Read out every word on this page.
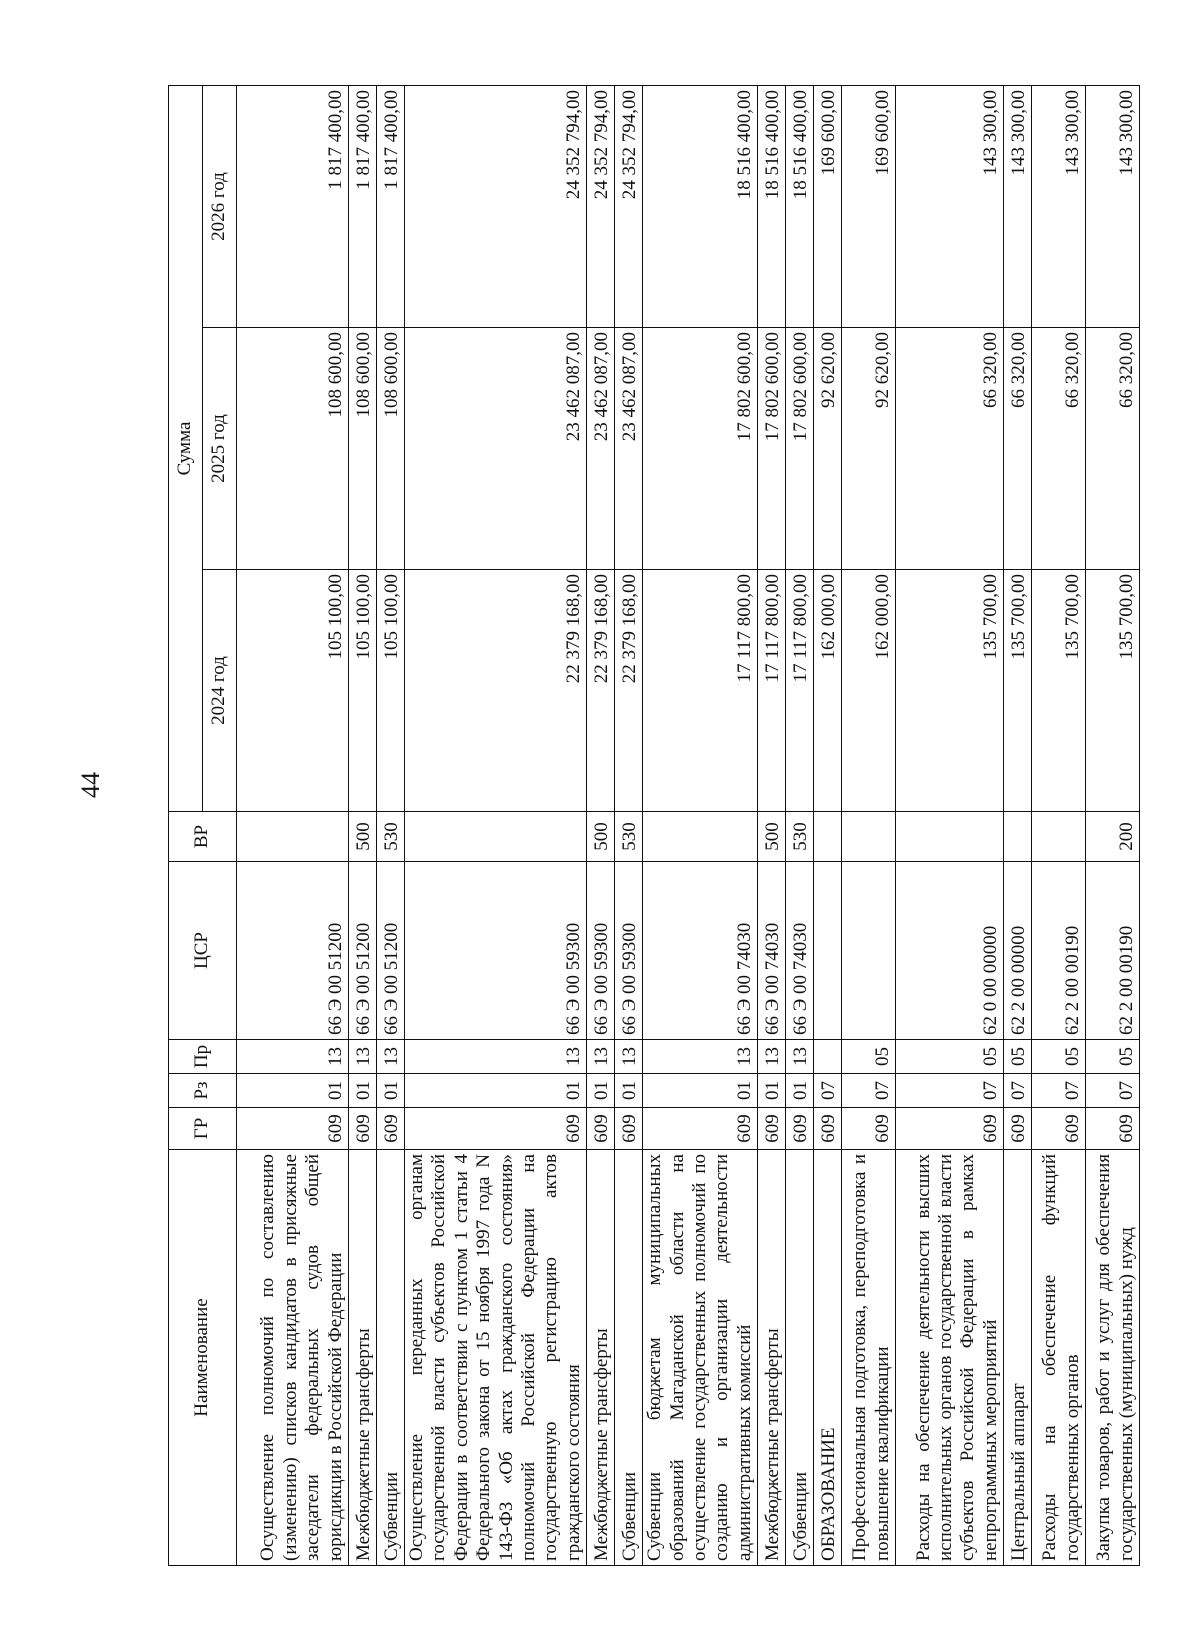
44
Наименование	ГР	Рз	Пр	ЦСР	ВР	Сумма		
						2024 год	2025 год	2026 год
Осуществление полномочий по составлению (изменению) списков кандидатов в присяжные заседатели федеральных судов общей юрисдикции в Российской Федерации	609	01	13	66 Э 00 51200		105 100,00	108 600,00	1 817 400,00
Межбюджетные трансферты	609	01	13	66 Э 00 51200	500	105 100,00	108 600,00	1 817 400,00
Субвенции	609	01	13	66 Э 00 51200	530	105 100,00	108 600,00	1 817 400,00
Осуществление переданных органам государственной власти субъектов Российской Федерации в соответствии с пунктом 1 статьи 4 Федерального закона от 15 ноября 1997 года N 143-ФЗ «Об актах гражданского состояния» полномочий Российской Федерации на государственную регистрацию актов гражданского состояния	609	01	13	66 Э 00 59300		22 379 168,00	23 462 087,00	24 352 794,00
Межбюджетные трансферты	609	01	13	66 Э 00 59300	500	22 379 168,00	23 462 087,00	24 352 794,00
Субвенции	609	01	13	66 Э 00 59300	530	22 379 168,00	23 462 087,00	24 352 794,00
Субвенции бюджетам муниципальных образований Магаданской области на осуществление государственных полномочий по созданию и организации деятельности административных комиссий	609	01	13	66 Э 00 74030		17 117 800,00	17 802 600,00	18 516 400,00
Межбюджетные трансферты	609	01	13	66 Э 00 74030	500	17 117 800,00	17 802 600,00	18 516 400,00
Субвенции	609	01	13	66 Э 00 74030	530	17 117 800,00	17 802 600,00	18 516 400,00
ОБРАЗОВАНИЕ	609	07				162 000,00	92 620,00	169 600,00
Профессиональная подготовка, переподготовка и повышение квалификации	609	07	05			162 000,00	92 620,00	169 600,00
Расходы на обеспечение деятельности высших исполнительных органов государственной власти субъектов Российской Федерации в рамках непрограммных мероприятий	609	07	05	62 0 00 00000		135 700,00	66 320,00	143 300,00
Центральный аппарат	609	07	05	62 2 00 00000		135 700,00	66 320,00	143 300,00
Расходы на обеспечение функций государственных органов	609	07	05	62 2 00 00190		135 700,00	66 320,00	143 300,00
Закупка товаров, работ и услуг для обеспечения государственных (муниципальных) нужд	609	07	05	62 2 00 00190	200	135 700,00	66 320,00	143 300,00
